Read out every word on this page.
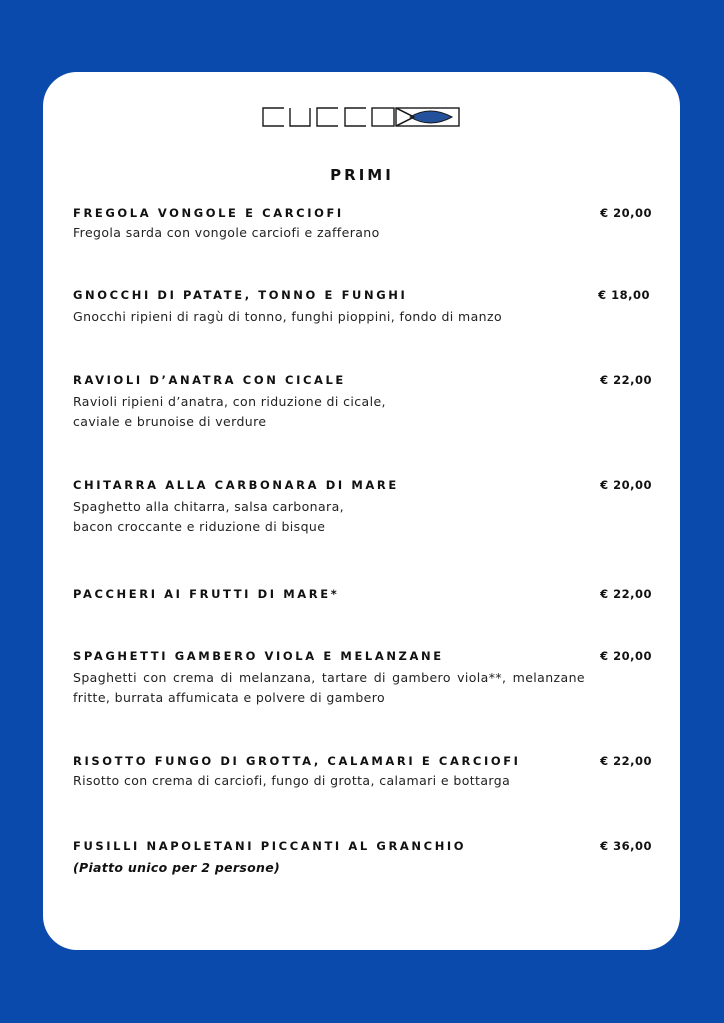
PRIMI
FREGOLA VONGOLE E CARCIOFI	€ 20,00
Fregola sarda con vongole carciofi e zafferano
GNOCCHI DI PATATE, TONNO E FUNGHI	€ 18,00
Gnocchi ripieni di ragù di tonno, funghi pioppini, fondo di manzo
RAVIOLI D’ANATRA CON CICALE	€ 22,00
Ravioli ripieni d’anatra, con riduzione di cicale,
caviale e brunoise di verdure
CHITARRA ALLA CARBONARA DI MARE	€ 20,00
Spaghetto alla chitarra, salsa carbonara,
bacon croccante e riduzione di bisque
PACCHERI AI FRUTTI DI MARE*	€ 22,00
SPAGHETTI GAMBERO VIOLA E MELANZANE	€ 20,00
Spaghetti con crema di melanzana, tartare di gambero viola**, melanzane fritte, burrata affumicata e polvere di gambero
RISOTTO FUNGO DI GROTTA, CALAMARI E CARCIOFI	€ 22,00
Risotto con crema di carciofi, fungo di grotta, calamari e bottarga
FUSILLI NAPOLETANI PICCANTI AL GRANCHIO	€ 36,00
(Piatto unico per 2 persone)
